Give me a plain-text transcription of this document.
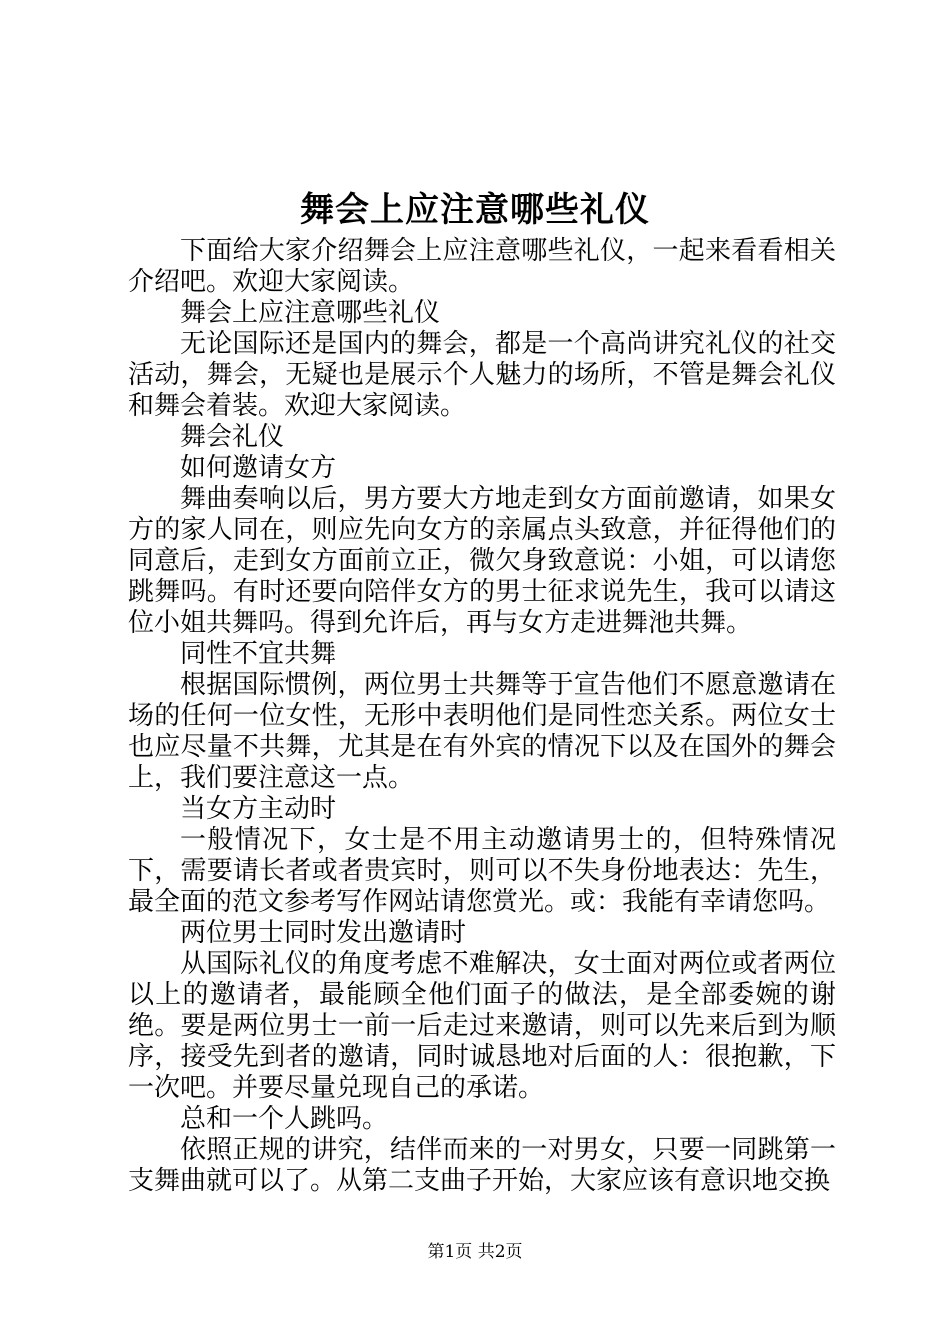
舞会上应注意哪些礼仪

下面给大家介绍舞会上应注意哪些礼仪，一起来看看相关介绍吧。欢迎大家阅读。

舞会上应注意哪些礼仪

无论国际还是国内的舞会，都是一个高尚讲究礼仪的社交活动，舞会，无疑也是展示个人魅力的场所，不管是舞会礼仪和舞会着装。欢迎大家阅读。

舞会礼仪

如何邀请女方

舞曲奏响以后，男方要大方地走到女方面前邀请，如果女方的家人同在，则应先向女方的亲属点头致意，并征得他们的同意后，走到女方面前立正，微欠身致意说：小姐，可以请您跳舞吗。有时还要向陪伴女方的男士征求说先生，我可以请这位小姐共舞吗。得到允许后，再与女方走进舞池共舞。

同性不宜共舞

根据国际惯例，两位男士共舞等于宣告他们不愿意邀请在场的任何一位女性，无形中表明他们是同性恋关系。两位女士也应尽量不共舞，尤其是在有外宾的情况下以及在国外的舞会上，我们要注意这一点。

当女方主动时

一般情况下，女士是不用主动邀请男士的，但特殊情况下，需要请长者或者贵宾时，则可以不失身份地表达：先生，最全面的范文参考写作网站请您赏光。或：我能有幸请您吗。

两位男士同时发出邀请时

从国际礼仪的角度考虑不难解决，女士面对两位或者两位以上的邀请者，最能顾全他们面子的做法，是全部委婉的谢绝。要是两位男士一前一后走过来邀请，则可以先来后到为顺序，接受先到者的邀请，同时诚恳地对后面的人：很抱歉，下一次吧。并要尽量兑现自己的承诺。

总和一个人跳吗。

依照正规的讲究，结伴而来的一对男女，只要一同跳第一支舞曲就可以了。从第二支曲子开始，大家应该有意识地交换

第1页 共2页
